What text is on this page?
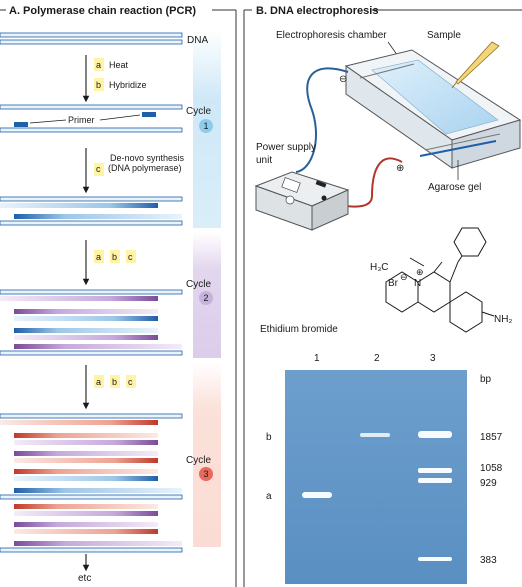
A. Polymerase chain reaction (PCR)
DNA
a Heat
b Hybridize
Primer
Cycle
1
De-novo synthesis
c (DNA polymerase)
a b c
Cycle
2
a b c
Cycle
3
etc
B. DNA electrophoresis
Electrophoresis chamber	Sample
⊖
⊕
Power supply
unit
Agarose gel
H₃C
Br
⊖
N
⊕
NH₂
Ethidium bromide
1	2	3
bp
b
a
1857
1058
929
383
